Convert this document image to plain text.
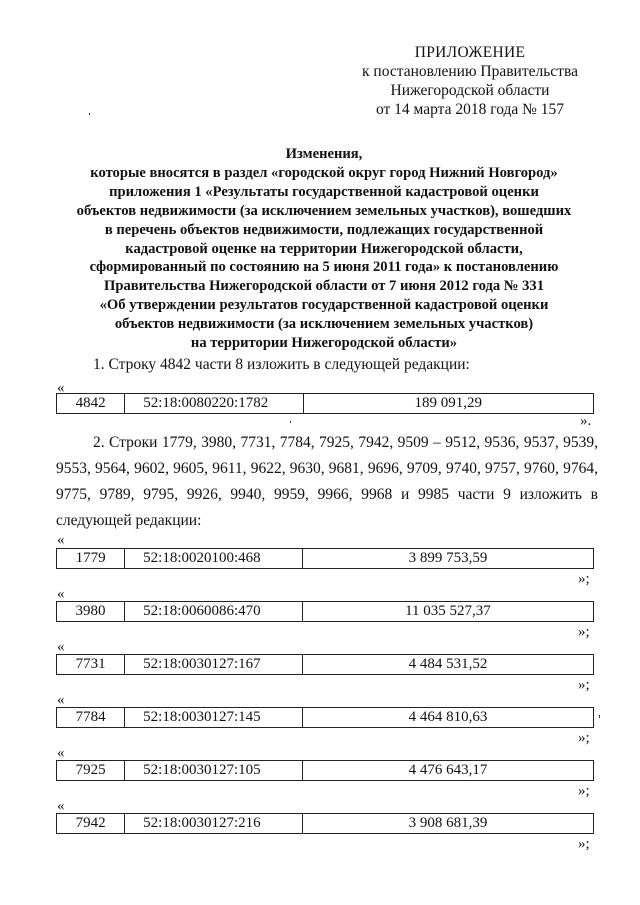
ПРИЛОЖЕНИЕ
к постановлению Правительства
Нижегородской области
от 14 марта 2018 года № 157
Изменения,
которые вносятся в раздел «городской округ город Нижний Новгород»
приложения 1 «Результаты государственной кадастровой оценки
объектов недвижимости (за исключением земельных участков), вошедших
в перечень объектов недвижимости, подлежащих государственной
кадастровой оценке на территории Нижегородской области,
сформированный по состоянию на 5 июня 2011 года» к постановлению
Правительства Нижегородской области от 7 июня 2012 года № 331
«Об утверждении результатов государственной кадастровой оценки
объектов недвижимости (за исключением земельных участков)
на территории Нижегородской области»
1. Строку 4842 части 8 изложить в следующей редакции:
«
4842	52:18:0080220:1782	189 091,29
».
2. Строки 1779, 3980, 7731, 7784, 7925, 7942, 9509 – 9512, 9536, 9537, 9539,
9553, 9564, 9602, 9605, 9611, 9622, 9630, 9681, 9696, 9709, 9740, 9757, 9760, 9764,
9775, 9789, 9795, 9926, 9940, 9959, 9966, 9968 и 9985 части 9 изложить в
следующей редакции:
«
1779	52:18:0020100:468	3 899 753,59
»;
«
3980	52:18:0060086:470	11 035 527,37
»;
«
7731	52:18:0030127:167	4 484 531,52
»;
«
7784	52:18:0030127:145	4 464 810,63
»;
«
7925	52:18:0030127:105	4 476 643,17
»;
«
7942	52:18:0030127:216	3 908 681,39
»;
